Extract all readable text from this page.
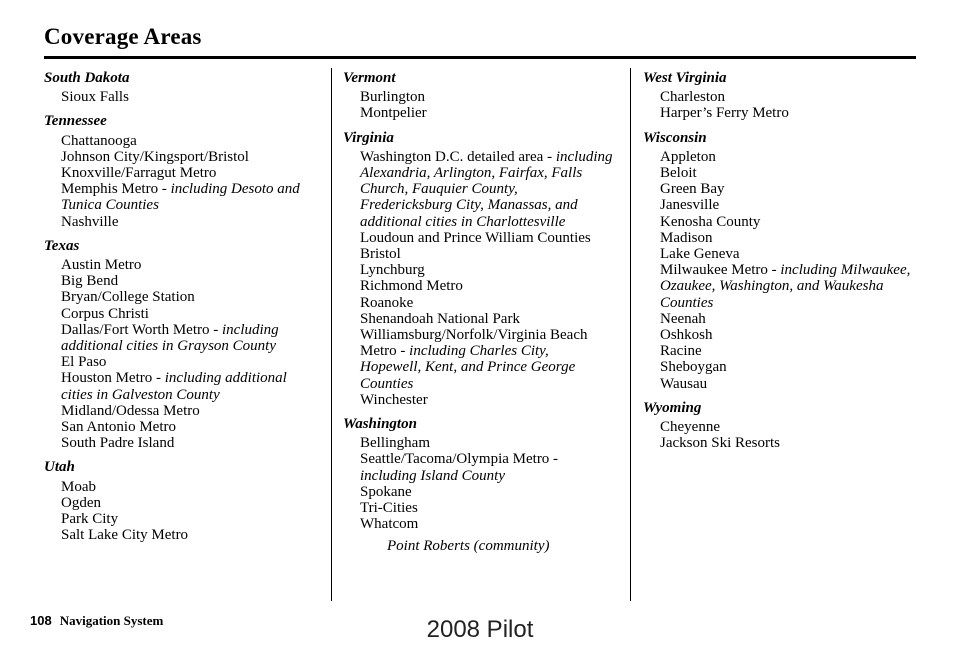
Coverage Areas
South Dakota
Sioux Falls
Tennessee
Chattanooga
Johnson City/Kingsport/Bristol
Knoxville/Farragut Metro
Memphis Metro - including Desoto and Tunica Counties
Nashville
Texas
Austin Metro
Big Bend
Bryan/College Station
Corpus Christi
Dallas/Fort Worth Metro - including additional cities in Grayson County
El Paso
Houston Metro - including additional cities in Galveston County
Midland/Odessa Metro
San Antonio Metro
South Padre Island
Utah
Moab
Ogden
Park City
Salt Lake City Metro
Vermont
Burlington
Montpelier
Virginia
Washington D.C. detailed area - including Alexandria, Arlington, Fairfax, Falls Church, Fauquier County, Fredericksburg City, Manassas, and additional cities in Charlottesville
Loudoun and Prince William Counties
Bristol
Lynchburg
Richmond Metro
Roanoke
Shenandoah National Park
Williamsburg/Norfolk/Virginia Beach Metro - including Charles City, Hopewell, Kent, and Prince George Counties
Winchester
Washington
Bellingham
Seattle/Tacoma/Olympia Metro - including Island County
Spokane
Tri-Cities
Whatcom
Point Roberts (community)
West Virginia
Charleston
Harper’s Ferry Metro
Wisconsin
Appleton
Beloit
Green Bay
Janesville
Kenosha County
Madison
Lake Geneva
Milwaukee Metro - including Milwaukee, Ozaukee, Washington, and Waukesha Counties
Neenah
Oshkosh
Racine
Sheboygan
Wausau
Wyoming
Cheyenne
Jackson Ski Resorts
108 Navigation System	2008 Pilot
